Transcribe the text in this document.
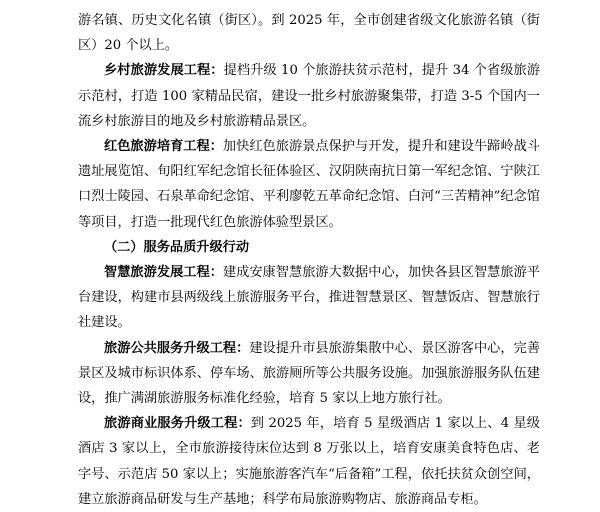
游名镇、历史文化名镇（街区）。到 2025 年，全市创建省级文化旅游名镇（街区）20 个以上。

乡村旅游发展工程：提档升级 10 个旅游扶贫示范村，提升 34 个省级旅游示范村，打造 100 家精品民宿，建设一批乡村旅游聚集带，打造 3-5 个国内一流乡村旅游目的地及乡村旅游精品景区。

红色旅游培育工程：加快红色旅游景点保护与开发，提升和建设牛蹄岭战斗遗址展览馆、旬阳红军纪念馆长征体验区、汉阴陕南抗日第一军纪念馆、宁陕江口烈士陵园、石泉革命纪念馆、平利廖乾五革命纪念馆、白河“三苦精神”纪念馆等项目，打造一批现代红色旅游体验型景区。

（二）服务品质升级行动

智慧旅游发展工程：建成安康智慧旅游大数据中心，加快各县区智慧旅游平台建设，构建市县两级线上旅游服务平台，推进智慧景区、智慧饭店、智慧旅行社建设。

旅游公共服务升级工程：建设提升市县旅游集散中心、景区游客中心，完善景区及城市标识体系、停车场、旅游厕所等公共服务设施。加强旅游服务队伍建设，推广满湖旅游服务标准化经验，培育 5 家以上地方旅行社。

旅游商业服务升级工程：到 2025 年，培育 5 星级酒店 1 家以上、4 星级酒店 3 家以上，全市旅游接待床位达到 8 万张以上，培育安康美食特色店、老字号、示范店 50 家以上；实施旅游客汽车“后备箱”工程，依托扶贫众创空间，建立旅游商品研发与生产基地；科学布局旅游购物店、旅游商品专柜。
